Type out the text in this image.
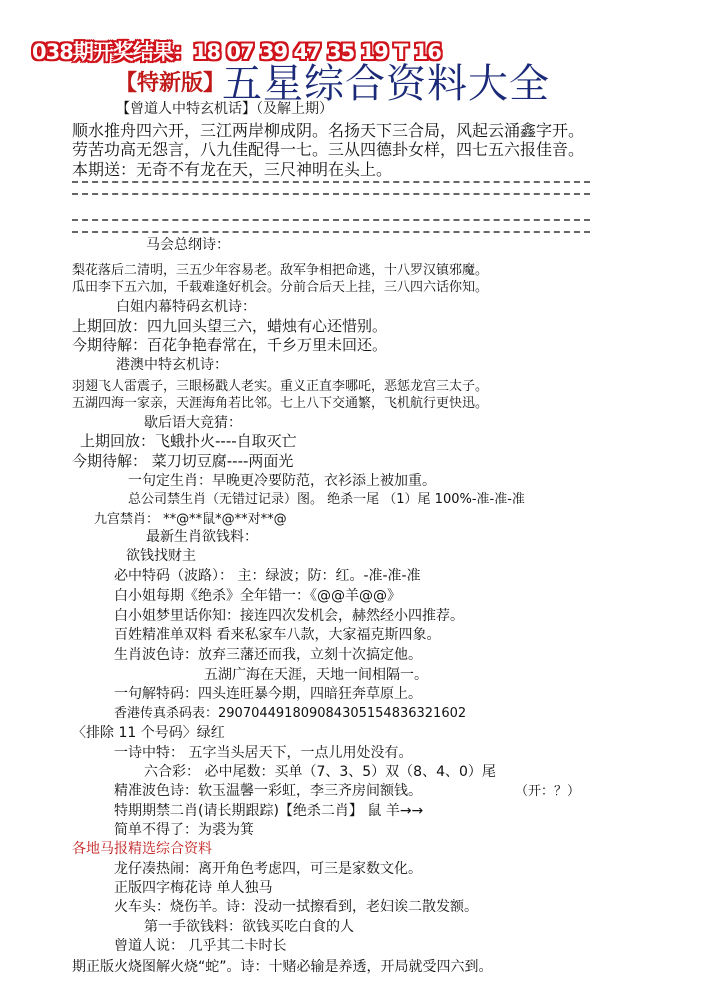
038期开奖结果：18 07 39 47 35 19 T 16
【特新版】
五星综合资料大全
【曾道人中特玄机话】（及解上期）
顺水推舟四六开，三江两岸柳成阴。名扬天下三合局，风起云涌鑫字开。
劳苦功高无怨言，八九佳配得一七。三从四德卦女样，四七五六报佳音。
本期送：无奇不有龙在天，三尺神明在头上。
马会总纲诗：
梨花落后二清明，三五少年容易老。敌军争相把命逃，十八罗汉镇邪魔。
瓜田李下五六加，千载难逢好机会。分前合后天上挂，三八四六话你知。
白姐内幕特码玄机诗：
上期回放：四九回头望三六，蜡烛有心还惜别。
今期待解：百花争艳春常在，千乡万里未回还。
港澳中特玄机诗：
羽翅飞人雷震子，三眼杨戳人老实。重义正直李哪吒，恶惩龙宫三太子。
五湖四海一家亲，天涯海角若比邻。七上八下交通繁，飞机航行更快迅。
歇后语大竞猜：
上期回放：飞蛾扑火----自取灭亡
今期待解： 菜刀切豆腐----两面光
一句定生肖：早晚更冷要防范，衣衫添上被加重。
总公司禁生肖（无错过记录）图。 绝杀一尾 （1）尾 100%-准-准-准
九宫禁肖： **@**鼠*@**对**@
最新生肖欲钱料：
欲钱找财主
必中特码（波路）： 主：绿波；防：红。-准-准-准
白小姐每期《绝杀》全年错一：《@@羊@@》
白小姐梦里话你知：接连四次发机会，赫然经小四推荐。
百姓精准单双料 看来私家车八款，大家福克斯四象。
生肖波色诗：放弃三藩还而我，立刻十次搞定他。
五湖广海在天涯，天地一间相隔一。
一句解特码：四头连旺暴今期，四暗狂奔草原上。
香港传真杀码表：29070449180908430515483632​1602
〈排除 11 个号码〉绿红
一诗中特： 五字当头居天下，一点儿用处没有。
六合彩： 必中尾数：买单（7、3、5）双（8、4、0）尾
精准波色诗：软玉温馨一彩虹，李三齐房间额钱。	（开：？）
特期期禁二肖(请长期跟踪)【绝杀二肖】 鼠 羊→→
简单不得了：为裘为箕
各地马报精选综合资料
龙仔凑热闹：离开角色考虑四，可三是家数文化。
正版四字梅花诗 单人独马
火车头：烧伤羊。诗：没动一拭擦看到，老妇诶二散发额。
第一手欲钱料：欲钱买吃白食的人
曾道人说： 几乎其二卡时长
期正版火烧图解火烧“蛇”。诗：十赌必输是养透，开局就受四六到。
